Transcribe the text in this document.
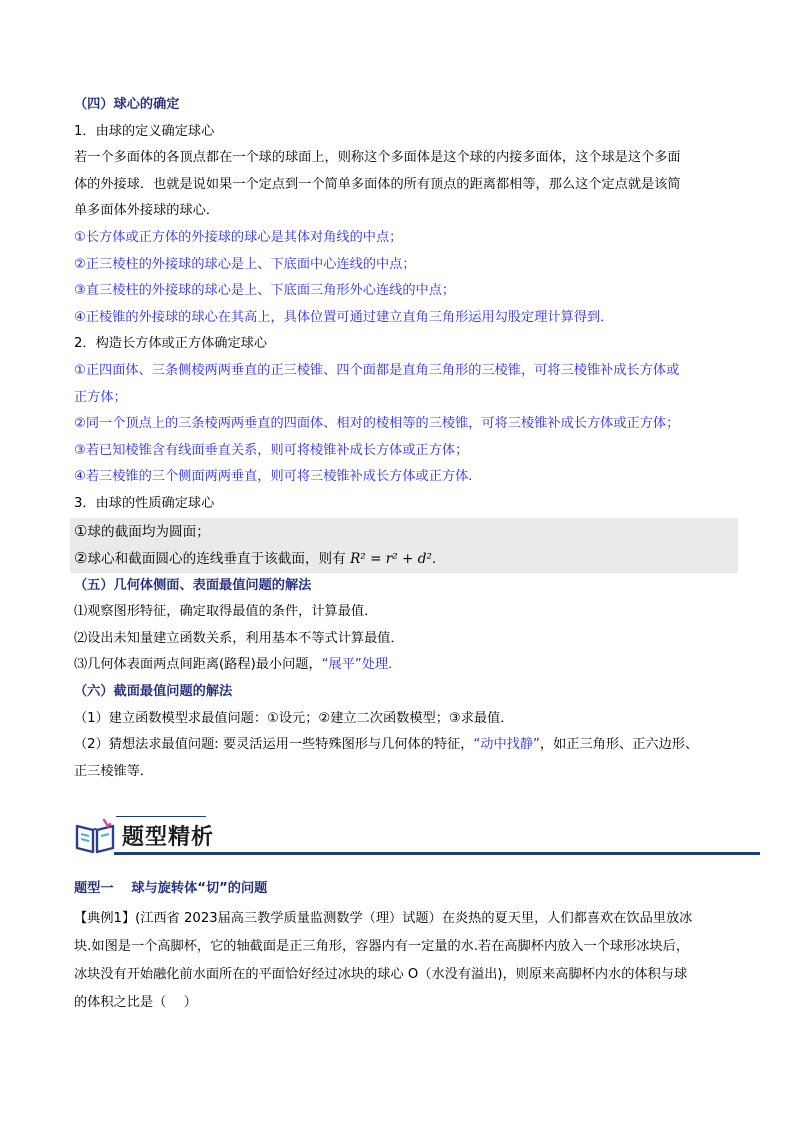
（四）球心的确定

1．由球的定义确定球心

若一个多面体的各顶点都在一个球的球面上，则称这个多面体是这个球的内接多面体，这个球是这个多面

体的外接球．也就是说如果一个定点到一个简单多面体的所有顶点的距离都相等，那么这个定点就是该简

单多面体外接球的球心．

①长方体或正方体的外接球的球心是其体对角线的中点；

②正三棱柱的外接球的球心是上、下底面中心连线的中点；

③直三棱柱的外接球的球心是上、下底面三角形外心连线的中点；

④正棱锥的外接球的球心在其高上，具体位置可通过建立直角三角形运用勾股定理计算得到．

2．构造长方体或正方体确定球心

①正四面体、三条侧棱两两垂直的正三棱锥、四个面都是直角三角形的三棱锥，可将三棱锥补成长方体或

正方体；

②同一个顶点上的三条棱两两垂直的四面体、相对的棱相等的三棱锥，可将三棱锥补成长方体或正方体；

③若已知棱锥含有线面垂直关系，则可将棱锥补成长方体或正方体；

④若三棱锥的三个侧面两两垂直，则可将三棱锥补成长方体或正方体.

3．由球的性质确定球心

①球的截面均为圆面；

②球心和截面圆心的连线垂直于该截面，则有 R² = r² + d².

（五）几何体侧面、表面最值问题的解法

⑴观察图形特征，确定取得最值的条件，计算最值．

⑵设出未知量建立函数关系，利用基本不等式计算最值．

⑶几何体表面两点间距离(路程)最小问题，“展平”处理．

（六）截面最值问题的解法

（1）建立函数模型求最值问题：①设元；②建立二次函数模型；③求最值．

（2）猜想法求最值问题: 要灵活运用一些特殊图形与几何体的特征，“动中找静”，如正三角形、正六边形、

正三棱锥等．

题型精析

题型一　 球与旋转体“切”的问题

【典例1】(江西省 2023届高三教学质量监测数学（理）试题）在炎热的夏天里，人们都喜欢在饮品里放冰

块.如图是一个高脚杯，它的轴截面是正三角形，容器内有一定量的水.若在高脚杯内放入一个球形冰块后，

冰块没有开始融化前水面所在的平面恰好经过冰块的球心 O（水没有溢出)，则原来高脚杯内水的体积与球

的体积之比是（　 ）
